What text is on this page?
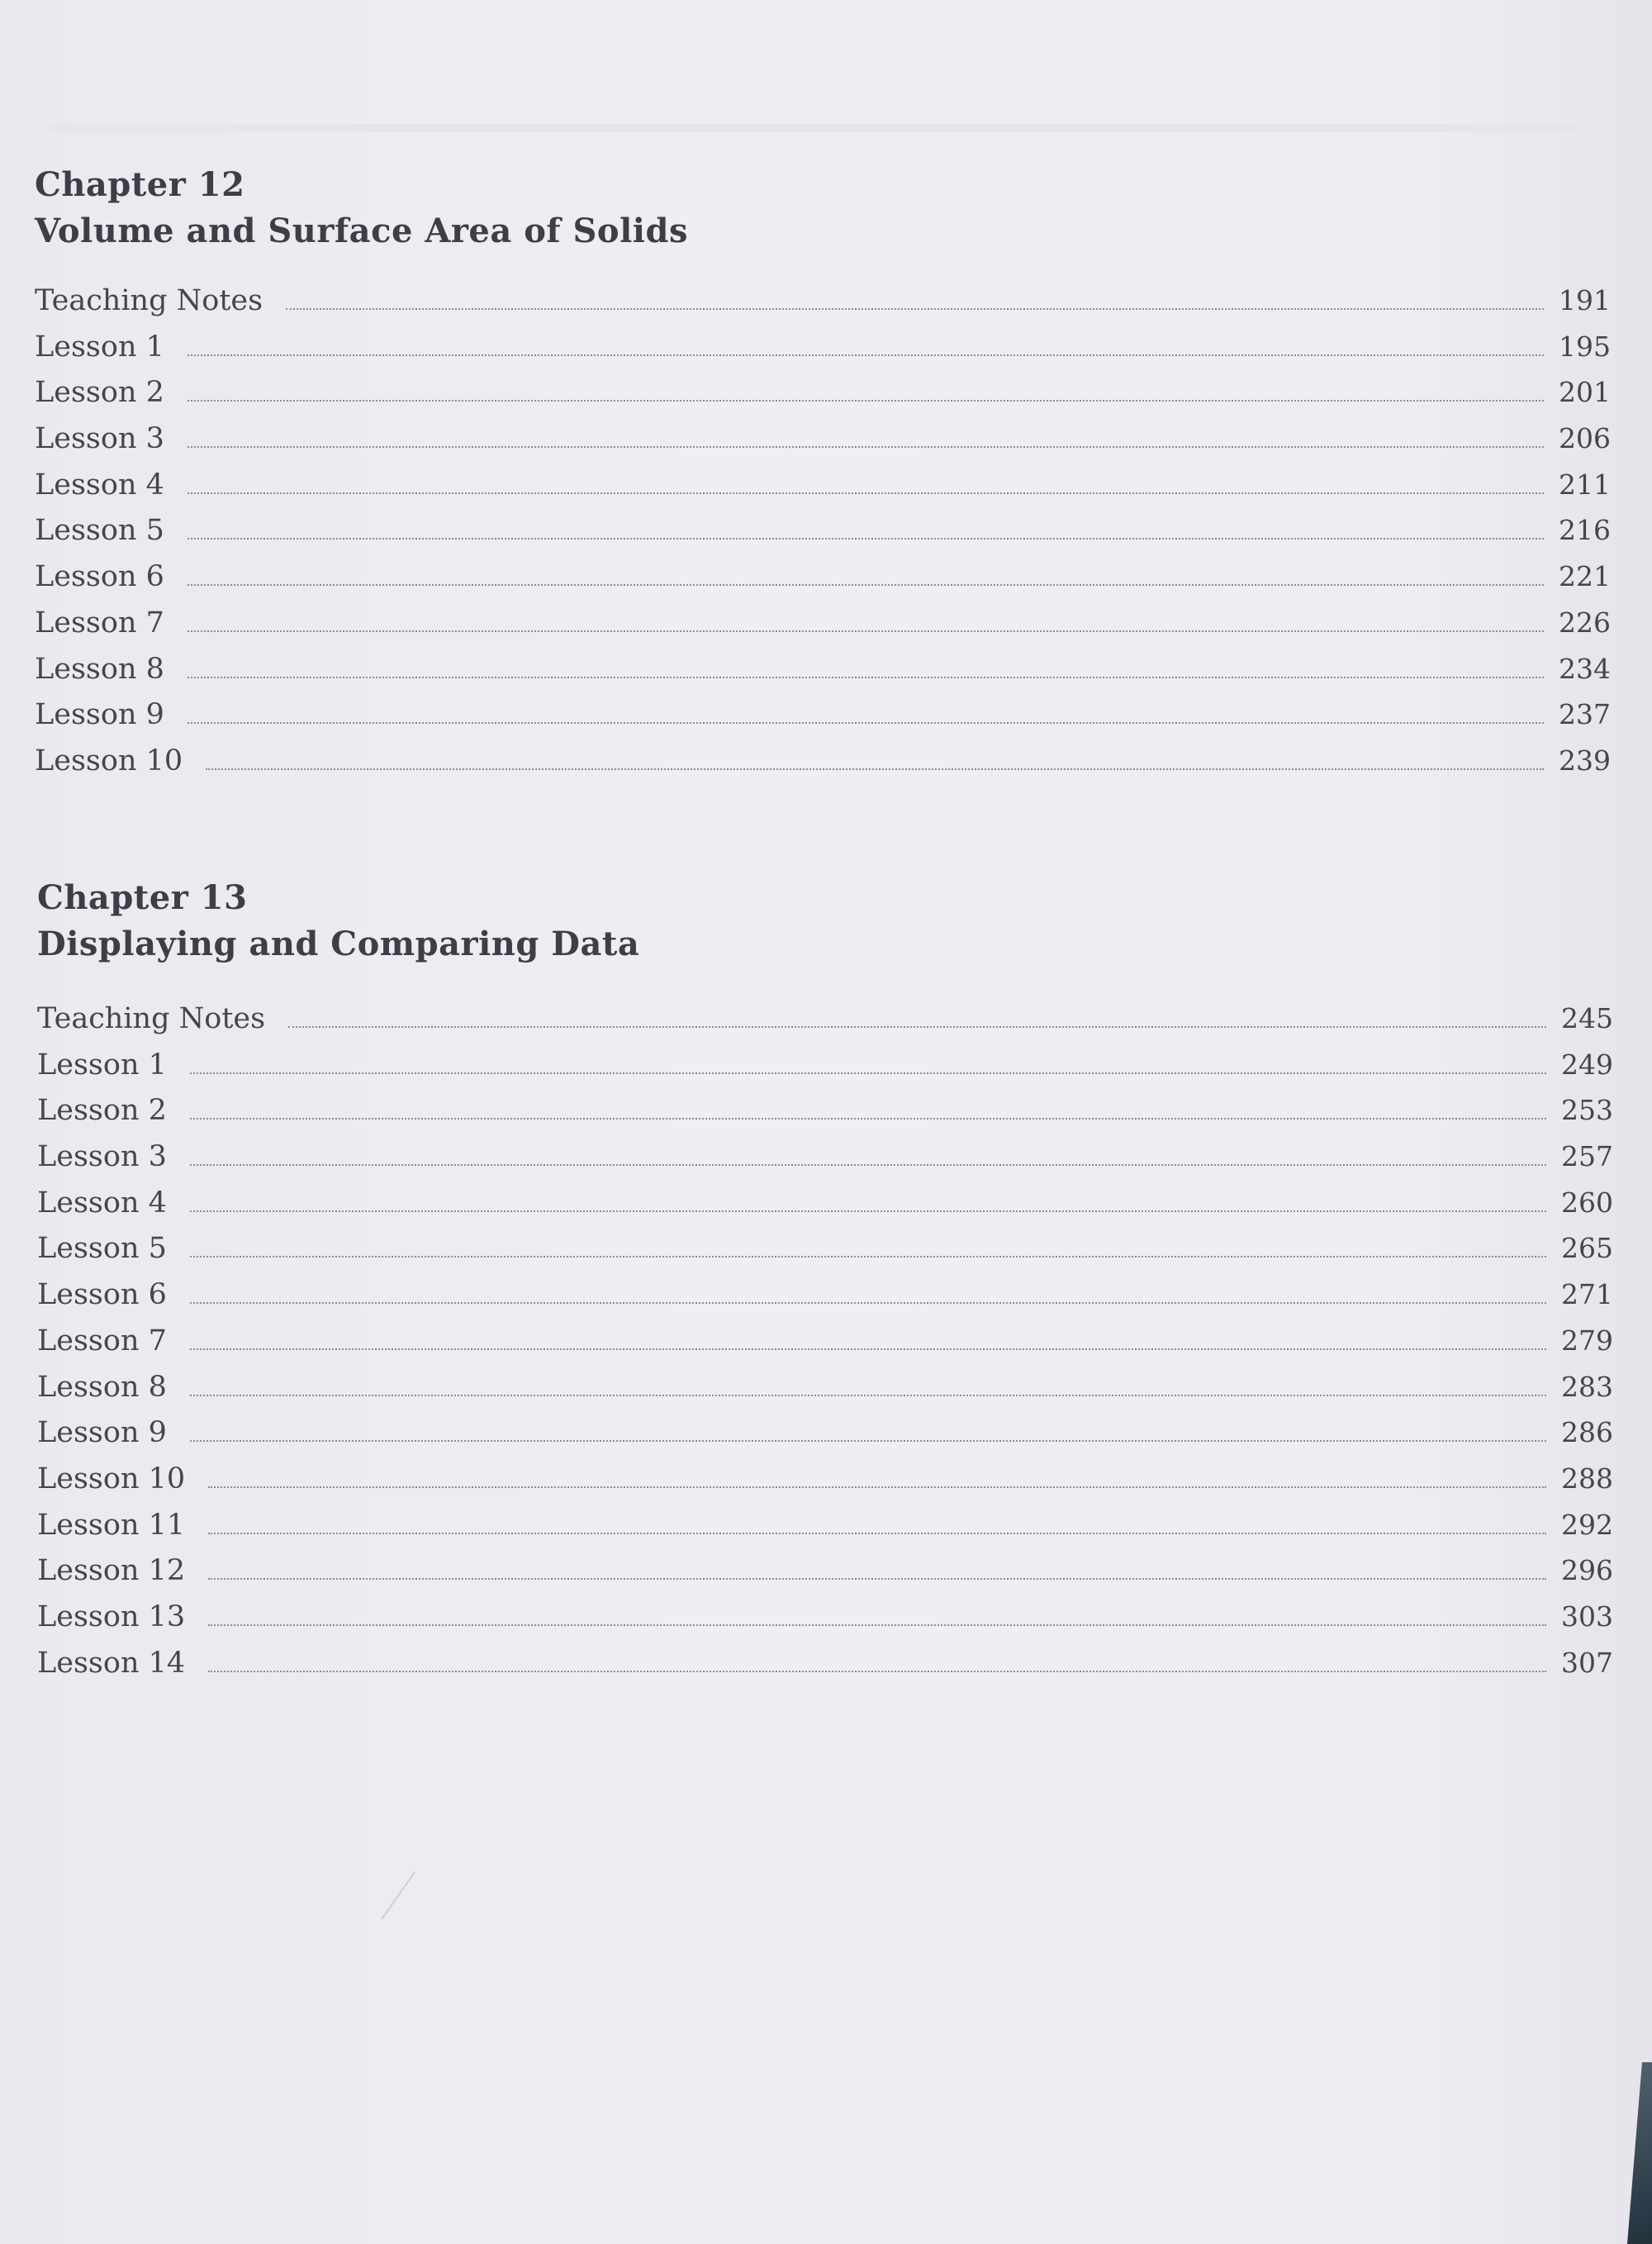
Chapter 12
Volume and Surface Area of Solids
Teaching Notes	191
Lesson 1	195
Lesson 2	201
Lesson 3	206
Lesson 4	211
Lesson 5	216
Lesson 6	221
Lesson 7	226
Lesson 8	234
Lesson 9	237
Lesson 10	239
Chapter 13
Displaying and Comparing Data
Teaching Notes	245
Lesson 1	249
Lesson 2	253
Lesson 3	257
Lesson 4	260
Lesson 5	265
Lesson 6	271
Lesson 7	279
Lesson 8	283
Lesson 9	286
Lesson 10	288
Lesson 11	292
Lesson 12	296
Lesson 13	303
Lesson 14	307
